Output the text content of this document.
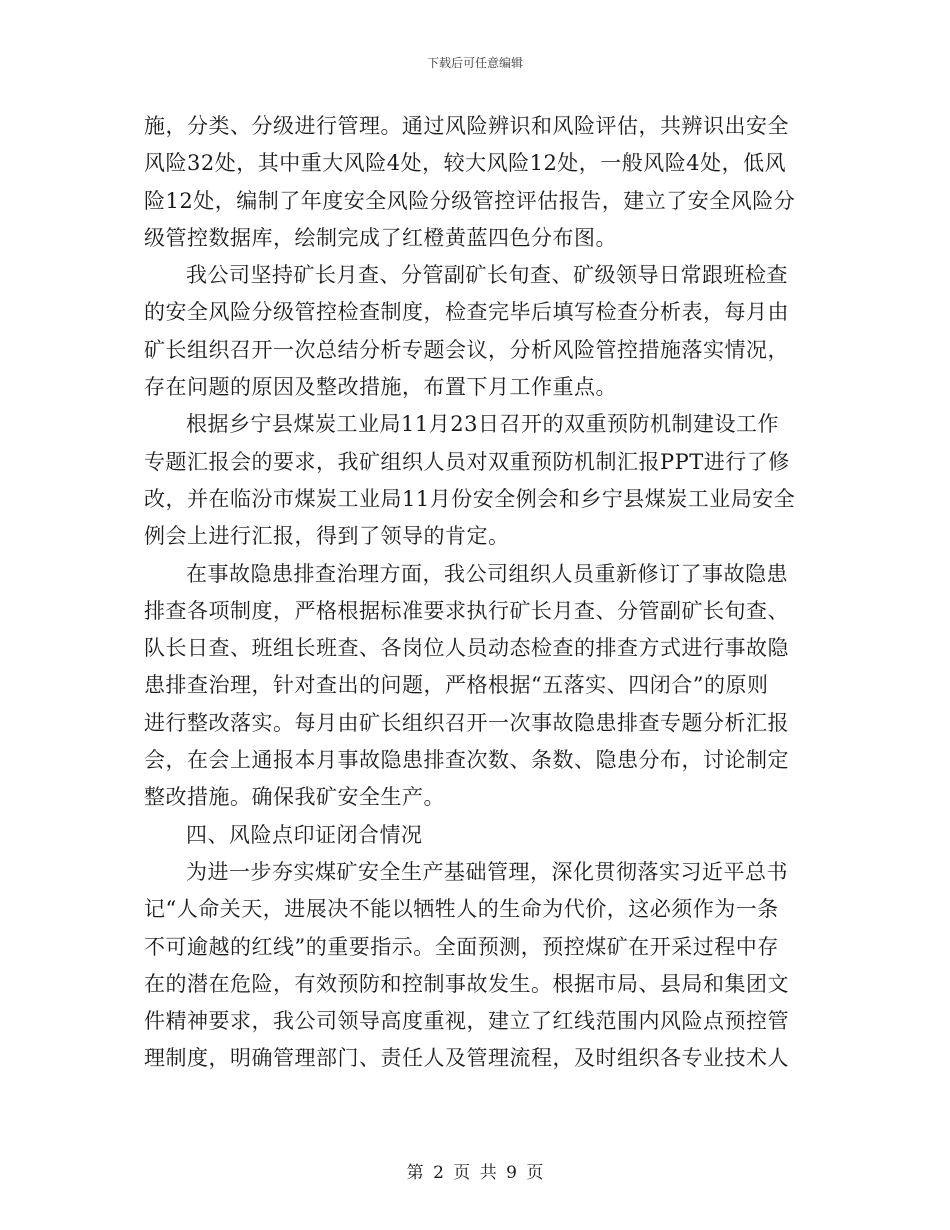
下载后可任意编辑
施，分类、分级进行管理。通过风险辨识和风险评估，共辨识出安全
风险32处，其中重大风险4处，较大风险12处，一般风险4处，低风
险12处，编制了年度安全风险分级管控评估报告，建立了安全风险分
级管控数据库，绘制完成了红橙黄蓝四色分布图。
我公司坚持矿长月查、分管副矿长旬查、矿级领导日常跟班检查
的安全风险分级管控检查制度，检查完毕后填写检查分析表，每月由
矿长组织召开一次总结分析专题会议，分析风险管控措施落实情况，
存在问题的原因及整改措施，布置下月工作重点。
根据乡宁县煤炭工业局11月23日召开的双重预防机制建设工作
专题汇报会的要求，我矿组织人员对双重预防机制汇报PPT进行了修
改，并在临汾市煤炭工业局11月份安全例会和乡宁县煤炭工业局安全
例会上进行汇报，得到了领导的肯定。
在事故隐患排查治理方面，我公司组织人员重新修订了事故隐患
排查各项制度，严格根据标准要求执行矿长月查、分管副矿长旬查、
队长日查、班组长班查、各岗位人员动态检查的排查方式进行事故隐
患排查治理，针对查出的问题，严格根据“五落实、四闭合”的原则
进行整改落实。每月由矿长组织召开一次事故隐患排查专题分析汇报
会，在会上通报本月事故隐患排查次数、条数、隐患分布，讨论制定
整改措施。确保我矿安全生产。
四、风险点印证闭合情况
为进一步夯实煤矿安全生产基础管理，深化贯彻落实习近平总书
记“人命关天，进展决不能以牺牲人的生命为代价，这必须作为一条
不可逾越的红线”的重要指示。全面预测，预控煤矿在开采过程中存
在的潜在危险，有效预防和控制事故发生。根据市局、县局和集团文
件精神要求，我公司领导高度重视，建立了红线范围内风险点预控管
理制度，明确管理部门、责任人及管理流程，及时组织各专业技术人
第 2 页 共 9 页
